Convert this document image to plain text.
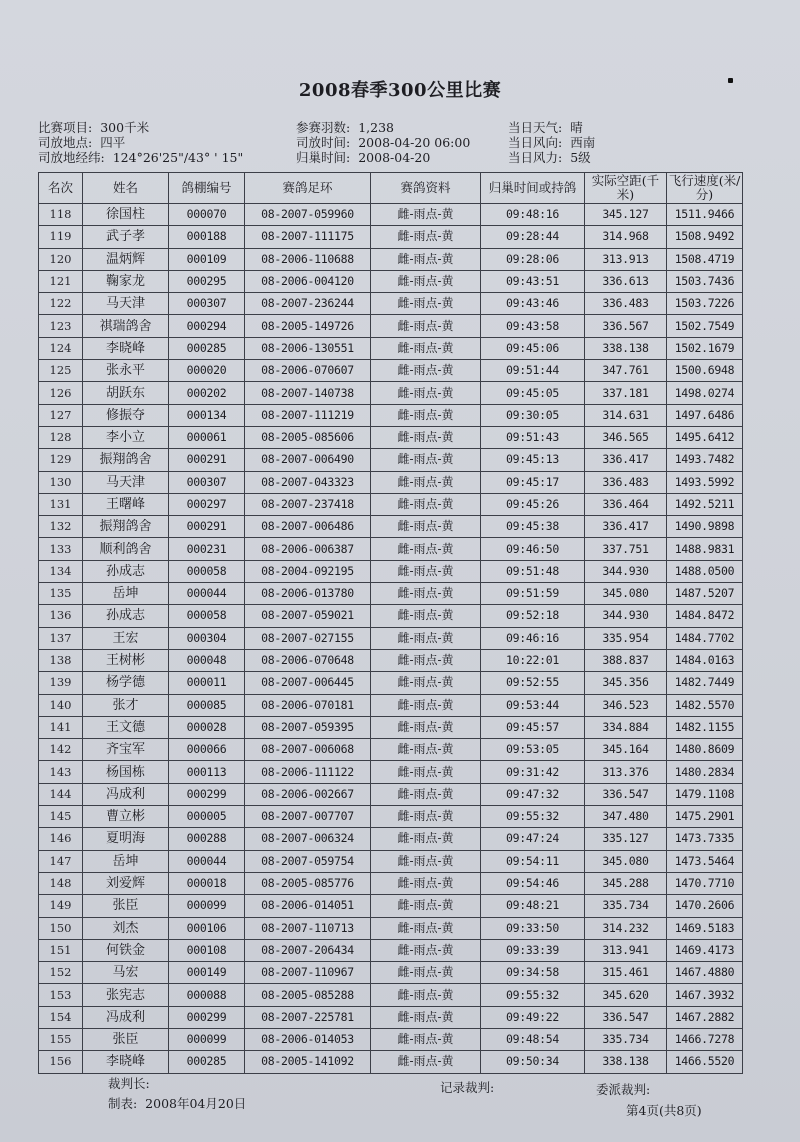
2008春季300公里比赛
比赛项目: 300千米
司放地点: 四平
司放地经纬: 124°26'25"/43° ' 15"
参赛羽数: 1,238
司放时间: 2008-04-20 06:00
归巢时间: 2008-04-20
当日天气: 晴
当日风向: 西南
当日风力: 5级
名次	姓名	鸽棚编号	赛鸽足环	赛鸽资料	归巢时间或持鸽	实际空距(千米)	飞行速度(米/分)
118	徐国柱	000070	08-2007-059960	雌-雨点-黄	09:48:16	345.127	1511.9466
119	武子孝	000188	08-2007-111175	雌-雨点-黄	09:28:44	314.968	1508.9492
120	温炳辉	000109	08-2006-110688	雌-雨点-黄	09:28:06	313.913	1508.4719
121	鞠家龙	000295	08-2006-004120	雌-雨点-黄	09:43:51	336.613	1503.7436
122	马天津	000307	08-2007-236244	雌-雨点-黄	09:43:46	336.483	1503.7226
123	祺瑞鸽舍	000294	08-2005-149726	雌-雨点-黄	09:43:58	336.567	1502.7549
124	李晓峰	000285	08-2006-130551	雌-雨点-黄	09:45:06	338.138	1502.1679
125	张永平	000020	08-2006-070607	雌-雨点-黄	09:51:44	347.761	1500.6948
126	胡跃东	000202	08-2007-140738	雌-雨点-黄	09:45:05	337.181	1498.0274
127	修振夺	000134	08-2007-111219	雌-雨点-黄	09:30:05	314.631	1497.6486
128	李小立	000061	08-2005-085606	雌-雨点-黄	09:51:43	346.565	1495.6412
129	振翔鸽舍	000291	08-2007-006490	雌-雨点-黄	09:45:13	336.417	1493.7482
130	马天津	000307	08-2007-043323	雌-雨点-黄	09:45:17	336.483	1493.5992
131	王曙峰	000297	08-2007-237418	雌-雨点-黄	09:45:26	336.464	1492.5211
132	振翔鸽舍	000291	08-2007-006486	雌-雨点-黄	09:45:38	336.417	1490.9898
133	顺利鸽舍	000231	08-2006-006387	雌-雨点-黄	09:46:50	337.751	1488.9831
134	孙成志	000058	08-2004-092195	雌-雨点-黄	09:51:48	344.930	1488.0500
135	岳坤	000044	08-2006-013780	雌-雨点-黄	09:51:59	345.080	1487.5207
136	孙成志	000058	08-2007-059021	雌-雨点-黄	09:52:18	344.930	1484.8472
137	王宏	000304	08-2007-027155	雌-雨点-黄	09:46:16	335.954	1484.7702
138	王树彬	000048	08-2006-070648	雌-雨点-黄	10:22:01	388.837	1484.0163
139	杨学德	000011	08-2007-006445	雌-雨点-黄	09:52:55	345.356	1482.7449
140	张才	000085	08-2006-070181	雌-雨点-黄	09:53:44	346.523	1482.5570
141	王文德	000028	08-2007-059395	雌-雨点-黄	09:45:57	334.884	1482.1155
142	齐宝军	000066	08-2007-006068	雌-雨点-黄	09:53:05	345.164	1480.8609
143	杨国栋	000113	08-2006-111122	雌-雨点-黄	09:31:42	313.376	1480.2834
144	冯成利	000299	08-2006-002667	雌-雨点-黄	09:47:32	336.547	1479.1108
145	曹立彬	000005	08-2007-007707	雌-雨点-黄	09:55:32	347.480	1475.2901
146	夏明海	000288	08-2007-006324	雌-雨点-黄	09:47:24	335.127	1473.7335
147	岳坤	000044	08-2007-059754	雌-雨点-黄	09:54:11	345.080	1473.5464
148	刘爱辉	000018	08-2005-085776	雌-雨点-黄	09:54:46	345.288	1470.7710
149	张臣	000099	08-2006-014051	雌-雨点-黄	09:48:21	335.734	1470.2606
150	刘杰	000106	08-2007-110713	雌-雨点-黄	09:33:50	314.232	1469.5183
151	何铁金	000108	08-2007-206434	雌-雨点-黄	09:33:39	313.941	1469.4173
152	马宏	000149	08-2007-110967	雌-雨点-黄	09:34:58	315.461	1467.4880
153	张宪志	000088	08-2005-085288	雌-雨点-黄	09:55:32	345.620	1467.3932
154	冯成利	000299	08-2007-225781	雌-雨点-黄	09:49:22	336.547	1467.2882
155	张臣	000099	08-2006-014053	雌-雨点-黄	09:48:54	335.734	1466.7278
156	李晓峰	000285	08-2005-141092	雌-雨点-黄	09:50:34	338.138	1466.5520
裁判长:	记录裁判:	委派裁判:
制表: 2008年04月20日	第4页(共8页)
